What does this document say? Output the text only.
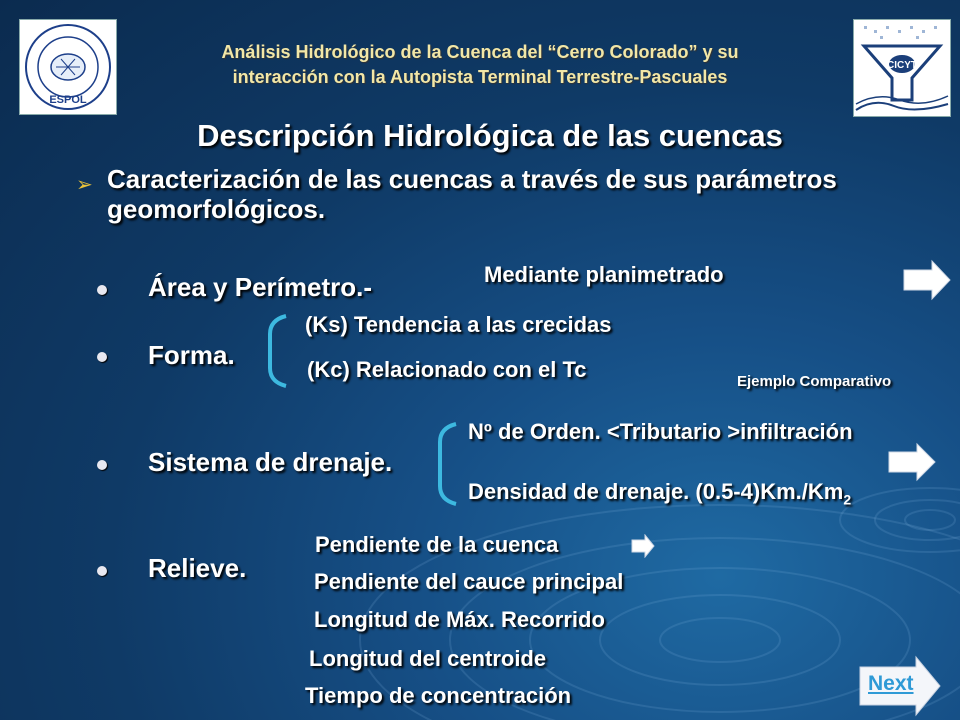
ESPOL
CICYT
Análisis Hidrológico de la Cuenca del “Cerro Colorado” y su
interacción con la Autopista Terminal Terrestre-Pascuales
Descripción Hidrológica de las cuencas
➢ Caracterización de las cuencas a través de sus parámetros geomorfológicos.
Área y Perímetro.-	Mediante planimetrado
Forma.
(Ks) Tendencia a las crecidas
(Kc) Relacionado con el Tc	Ejemplo Comparativo
Sistema de drenaje.
Nº de Orden. <Tributario >infiltración
Densidad de drenaje. $(0.5-4)Km./Km_2$
Relieve.
Pendiente de la cuenca
Pendiente del cauce principal
Longitud de Máx. Recorrido
Longitud del centroide
Tiempo de concentración	Next
